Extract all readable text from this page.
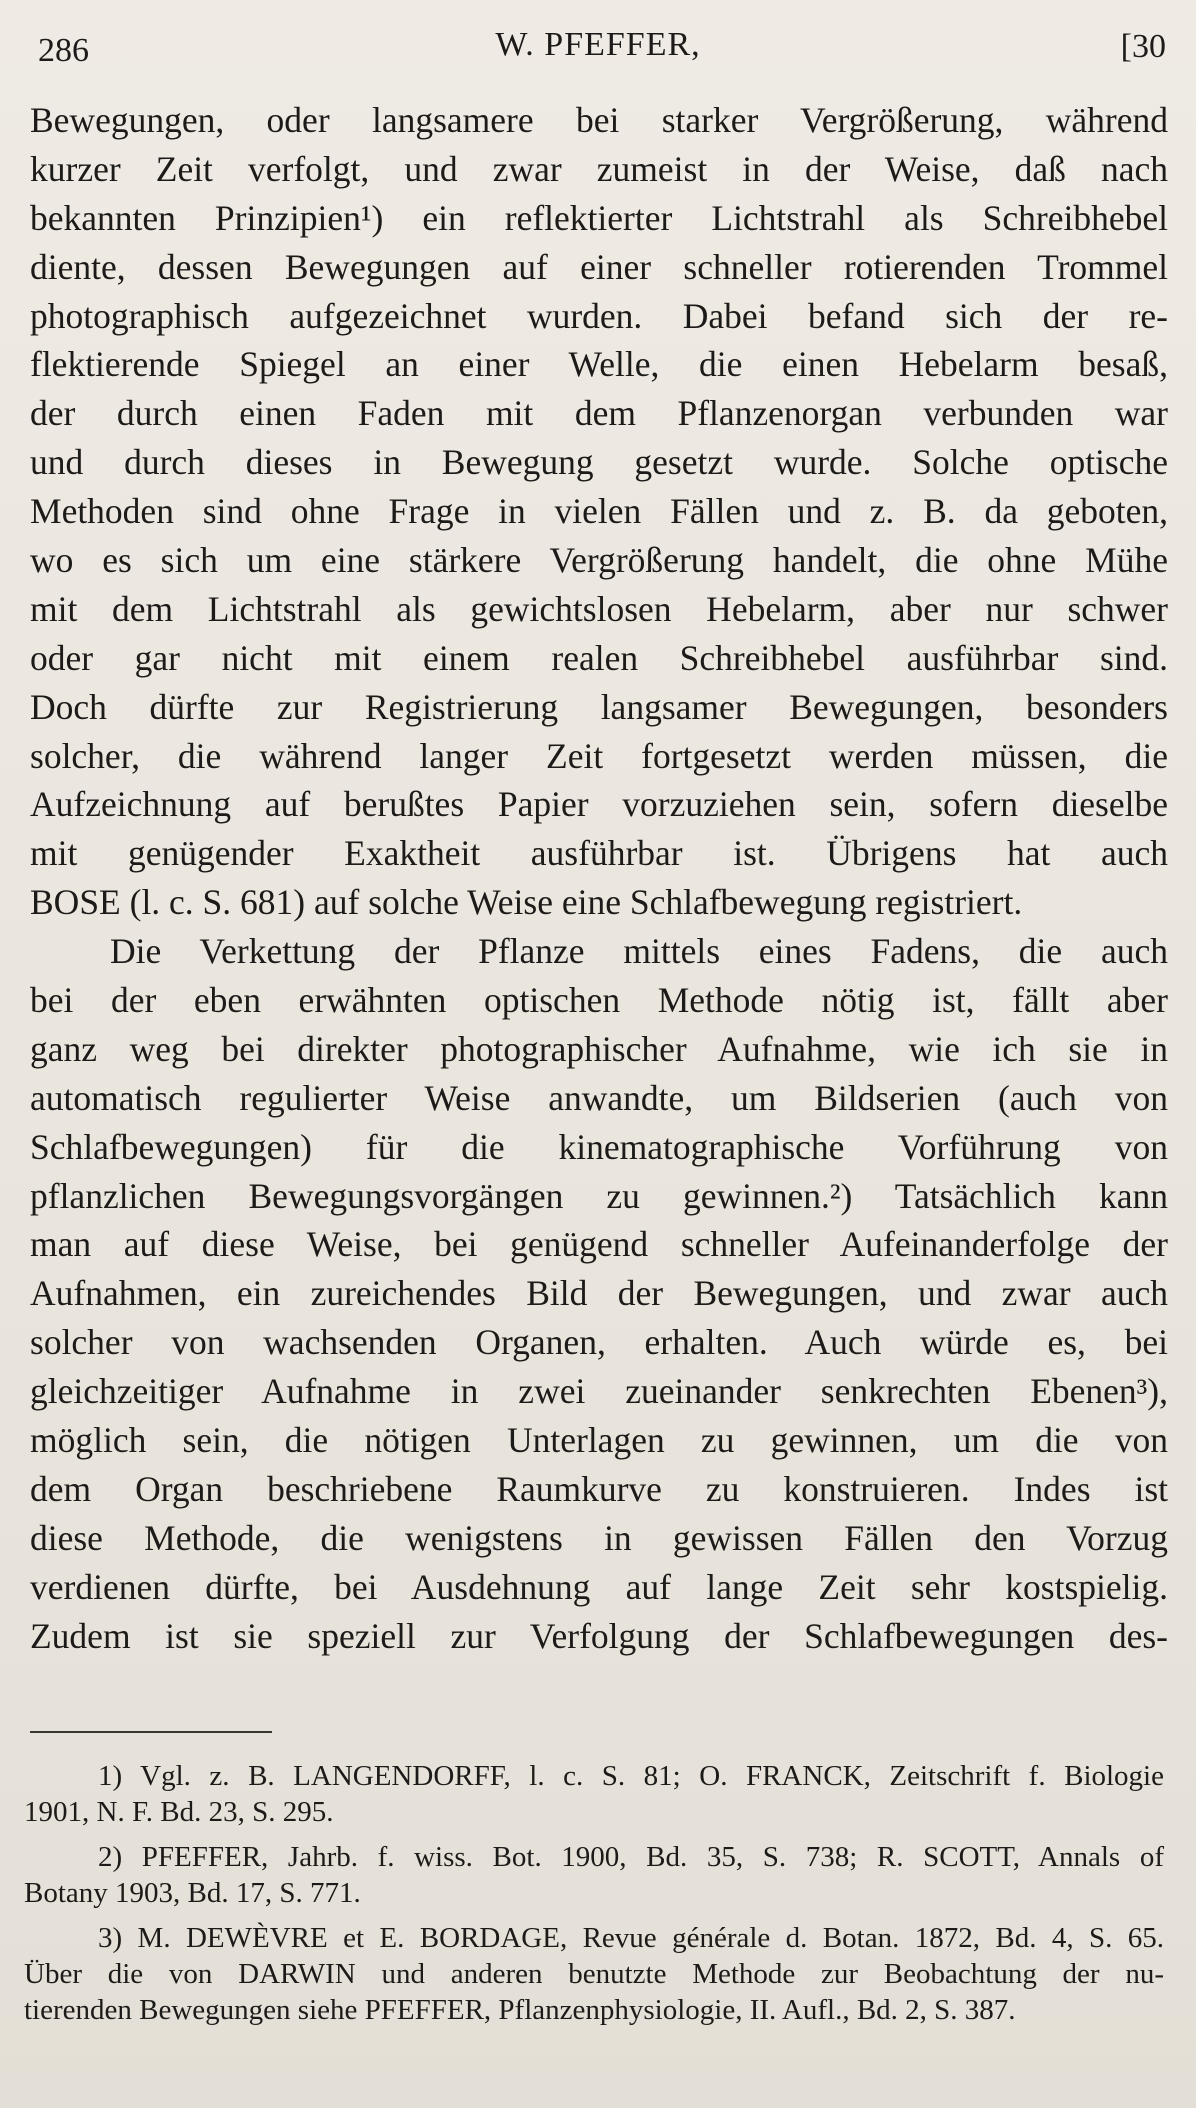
286	W. PFEFFER,	[30
Bewegungen, oder langsamere bei starker Vergrößerung, während
kurzer Zeit verfolgt, und zwar zumeist in der Weise, daß nach
bekannten Prinzipien¹) ein reflektierter Lichtstrahl als Schreibhebel
diente, dessen Bewegungen auf einer schneller rotierenden Trommel
photographisch aufgezeichnet wurden. Dabei befand sich der re-
flektierende Spiegel an einer Welle, die einen Hebelarm besaß,
der durch einen Faden mit dem Pflanzenorgan verbunden war
und durch dieses in Bewegung gesetzt wurde. Solche optische
Methoden sind ohne Frage in vielen Fällen und z. B. da geboten,
wo es sich um eine stärkere Vergrößerung handelt, die ohne Mühe
mit dem Lichtstrahl als gewichtslosen Hebelarm, aber nur schwer
oder gar nicht mit einem realen Schreibhebel ausführbar sind.
Doch dürfte zur Registrierung langsamer Bewegungen, besonders
solcher, die während langer Zeit fortgesetzt werden müssen, die
Aufzeichnung auf berußtes Papier vorzuziehen sein, sofern dieselbe
mit genügender Exaktheit ausführbar ist. Übrigens hat auch
BOSE (l. c. S. 681) auf solche Weise eine Schlafbewegung registriert.
Die Verkettung der Pflanze mittels eines Fadens, die auch
bei der eben erwähnten optischen Methode nötig ist, fällt aber
ganz weg bei direkter photographischer Aufnahme, wie ich sie in
automatisch regulierter Weise anwandte, um Bildserien (auch von
Schlafbewegungen) für die kinematographische Vorführung von
pflanzlichen Bewegungsvorgängen zu gewinnen.²) Tatsächlich kann
man auf diese Weise, bei genügend schneller Aufeinanderfolge der
Aufnahmen, ein zureichendes Bild der Bewegungen, und zwar auch
solcher von wachsenden Organen, erhalten. Auch würde es, bei
gleichzeitiger Aufnahme in zwei zueinander senkrechten Ebenen³),
möglich sein, die nötigen Unterlagen zu gewinnen, um die von
dem Organ beschriebene Raumkurve zu konstruieren. Indes ist
diese Methode, die wenigstens in gewissen Fällen den Vorzug
verdienen dürfte, bei Ausdehnung auf lange Zeit sehr kostspielig.
Zudem ist sie speziell zur Verfolgung der Schlafbewegungen des-
1) Vgl. z. B. LANGENDORFF, l. c. S. 81; O. FRANCK, Zeitschrift f. Biologie
1901, N. F. Bd. 23, S. 295.
2) PFEFFER, Jahrb. f. wiss. Bot. 1900, Bd. 35, S. 738; R. SCOTT, Annals of
Botany 1903, Bd. 17, S. 771.
3) M. DEWÈVRE et E. BORDAGE, Revue générale d. Botan. 1872, Bd. 4, S. 65.
Über die von DARWIN und anderen benutzte Methode zur Beobachtung der nu-
tierenden Bewegungen siehe PFEFFER, Pflanzenphysiologie, II. Aufl., Bd. 2, S. 387.
